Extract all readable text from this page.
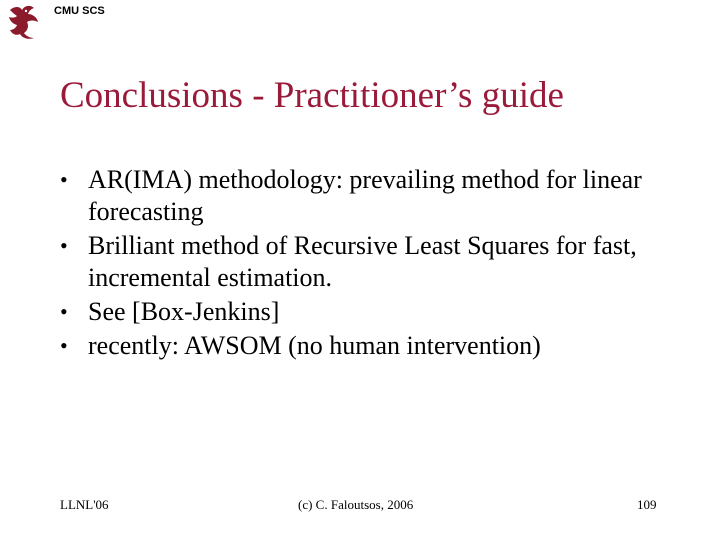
CMU SCS
Conclusions - Practitioner’s guide
• AR(IMA) methodology: prevailing method for linear forecasting
• Brilliant method of Recursive Least Squares for fast, incremental estimation.
• See [Box-Jenkins]
• recently: AWSOM (no human intervention)
LLNL'06	(c) C. Faloutsos, 2006	109
